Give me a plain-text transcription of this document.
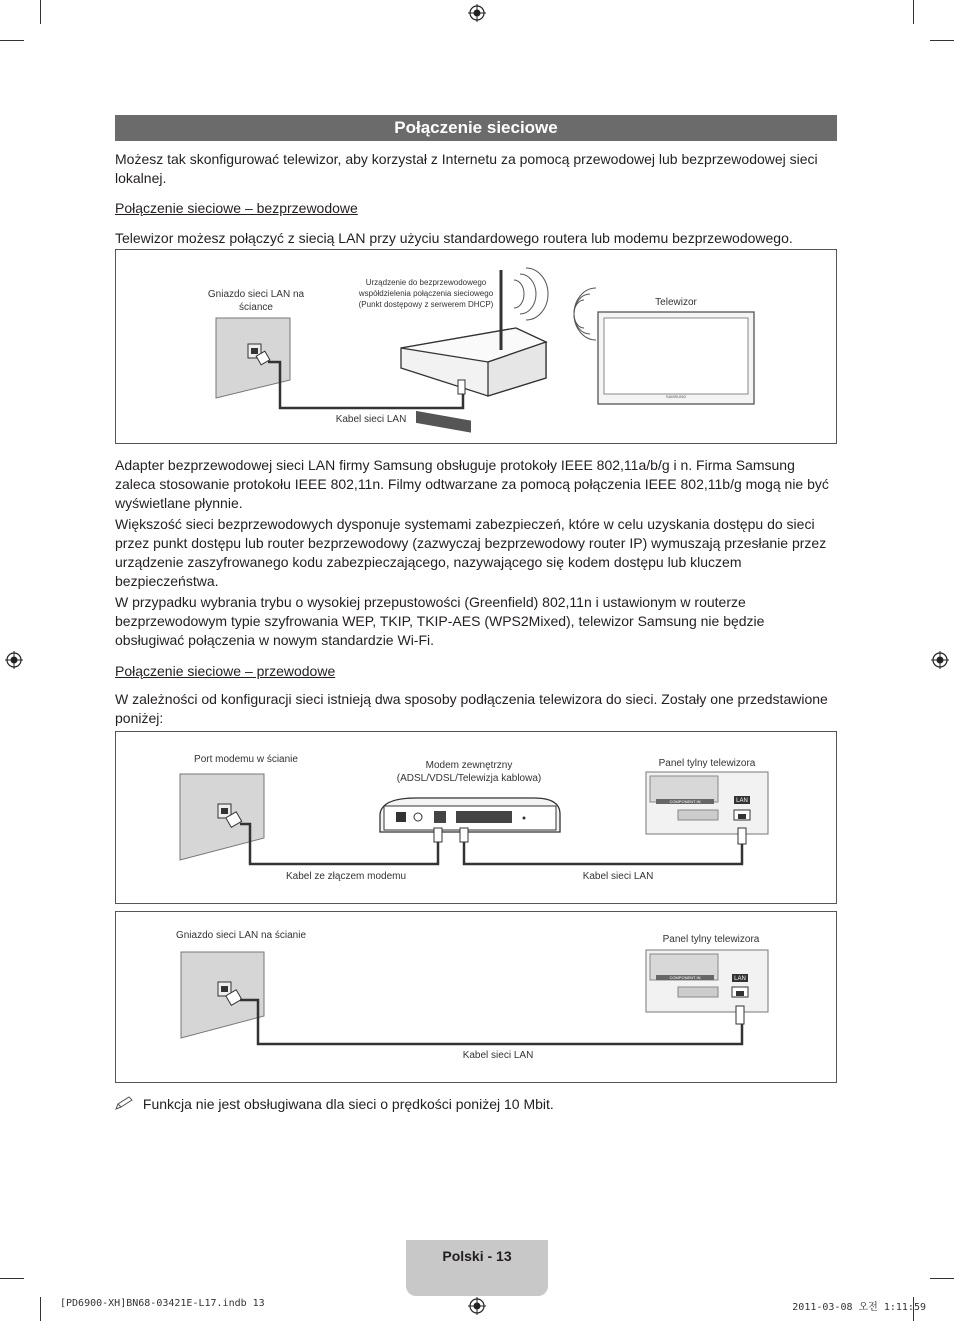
Połączenie sieciowe
Możesz tak skonfigurować telewizor, aby korzystał z Internetu za pomocą przewodowej lub bezprzewodowej sieci lokalnej.
Połączenie sieciowe – bezprzewodowe
Telewizor możesz połączyć z siecią LAN przy użyciu standardowego routera lub modemu bezprzewodowego.
Gniazdo sieci LAN na ściance
Urządzenie do bezprzewodowego
współdzielenia połączenia sieciowego
(Punkt dostępowy z serwerem DHCP)	Telewizor
Kabel sieci LAN
SAMSUNG
Adapter bezprzewodowej sieci LAN firmy Samsung obsługuje protokoły IEEE 802,11a/b/g i n. Firma Samsung zaleca stosowanie protokołu IEEE 802,11n. Filmy odtwarzane za pomocą połączenia IEEE 802,11b/g mogą nie być wyświetlane płynnie.
Większość sieci bezprzewodowych dysponuje systemami zabezpieczeń, które w celu uzyskania dostępu do sieci przez punkt dostępu lub router bezprzewodowy (zazwyczaj bezprzewodowy router IP) wymuszają przesłanie przez urządzenie zaszyfrowanego kodu zabezpieczającego, nazywającego się kodem dostępu lub kluczem bezpieczeństwa.
W przypadku wybrania trybu o wysokiej przepustowości (Greenfield) 802,11n i ustawionym w routerze bezprzewodowym typie szyfrowania WEP, TKIP, TKIP-AES (WPS2Mixed), telewizor Samsung nie będzie obsługiwać połączenia w nowym standardzie Wi-Fi.
Połączenie sieciowe – przewodowe
W zależności od konfiguracji sieci istnieją dwa sposoby podłączenia telewizora do sieci. Zostały one przedstawione poniżej:
Port modemu w ścianie
Modem zewnętrzny
(ADSL/VDSL/Telewizja kablowa)
Panel tylny telewizora
Kabel ze złączem modemu	Kabel sieci LAN
LAN
COMPONENT IN
Gniazdo sieci LAN na ścianie	Panel tylny telewizora
Kabel sieci LAN
LAN
COMPONENT IN
Funkcja nie jest obsługiwana dla sieci o prędkości poniżej 10 Mbit.
Polski - 13
[PD6900-XH]BN68-03421E-L17.indb 13	2011-03-08 오전 1:11:59
